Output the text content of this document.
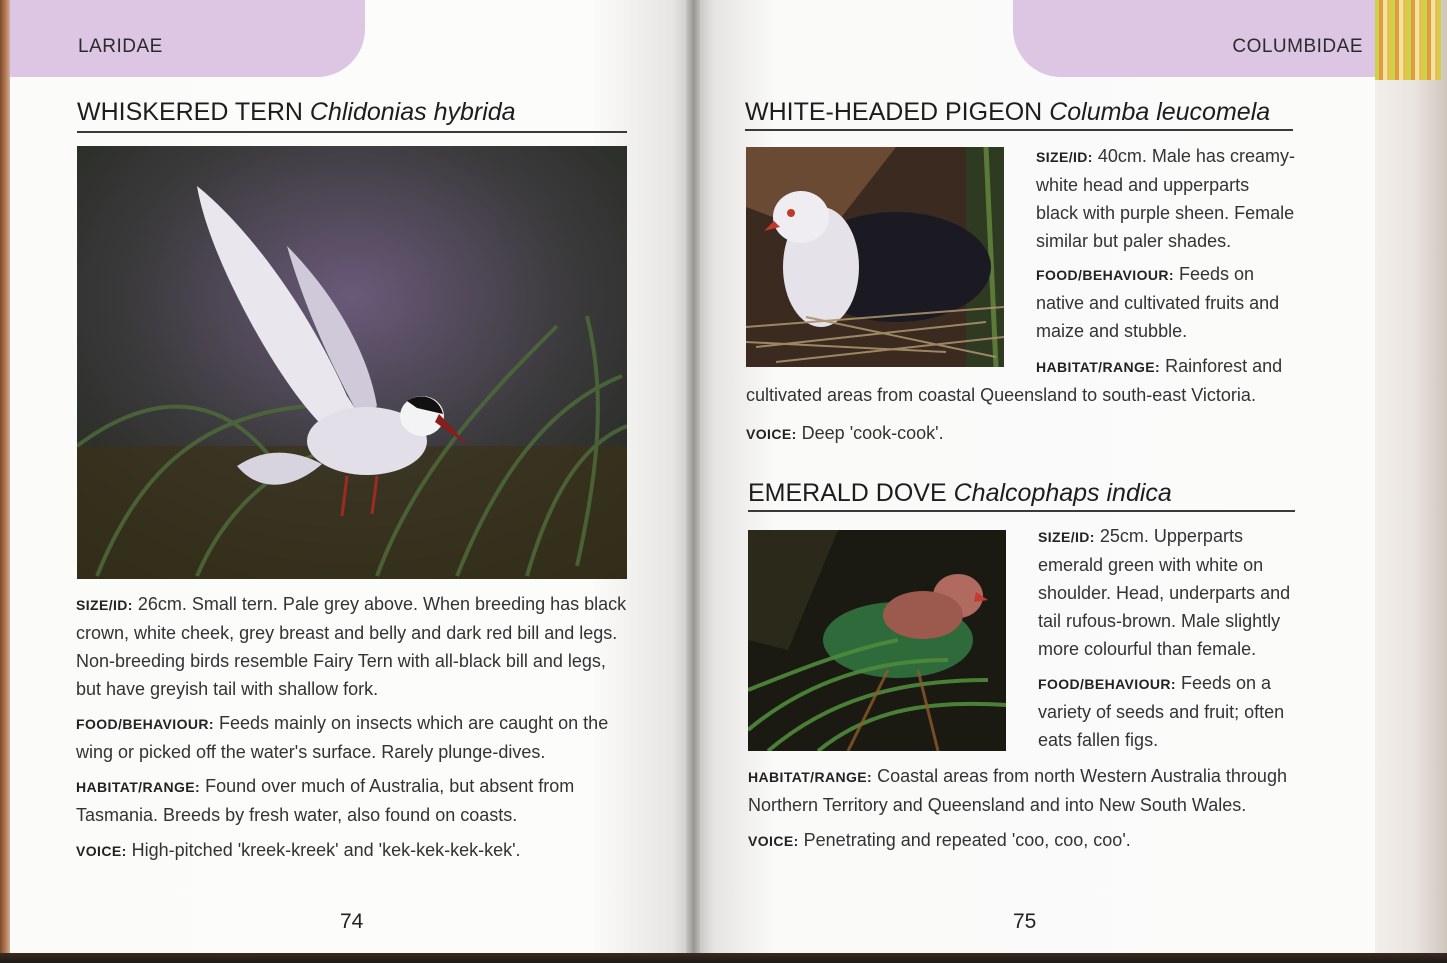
LARIDAE
WHISKERED TERN Chlidonias hybrida

SIZE/ID: 26cm. Small tern. Pale grey above. When breeding has black crown, white cheek, grey breast and belly and dark red bill and legs. Non-breeding birds resemble Fairy Tern with all-black bill and legs, but have greyish tail with shallow fork.

FOOD/BEHAVIOUR: Feeds mainly on insects which are caught on the wing or picked off the water's surface. Rarely plunge-dives.

HABITAT/RANGE: Found over much of Australia, but absent from Tasmania. Breeds by fresh water, also found on coasts.

VOICE: High-pitched 'kreek-kreek' and 'kek-kek-kek-kek'.

74
COLUMBIDAE
WHITE-HEADED PIGEON Columba leucomela

SIZE/ID: 40cm. Male has creamy-white head and upperparts black with purple sheen. Female similar but paler shades.

FOOD/BEHAVIOUR: Feeds on native and cultivated fruits and maize and stubble.

HABITAT/RANGE: Rainforest and

cultivated areas from coastal Queensland to south-east Victoria.

VOICE: Deep 'cook-cook'.

EMERALD DOVE Chalcophaps indica

SIZE/ID: 25cm. Upperparts emerald green with white on shoulder. Head, underparts and tail rufous-brown. Male slightly more colourful than female.

FOOD/BEHAVIOUR: Feeds on a variety of seeds and fruit; often eats fallen figs.

HABITAT/RANGE: Coastal areas from north Western Australia through Northern Territory and Queensland and into New South Wales.

VOICE: Penetrating and repeated 'coo, coo, coo'.

75
